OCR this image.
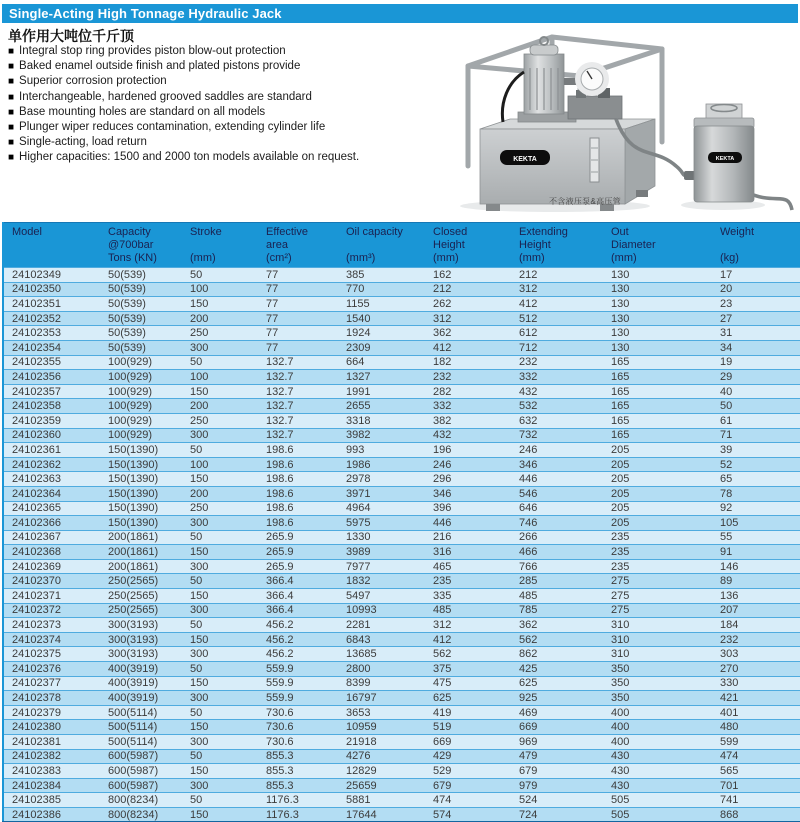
Single-Acting High Tonnage Hydraulic Jack
单作用大吨位千斤顶
■ Integral stop ring provides piston blow-out protection
■ Baked enamel outside finish and plated pistons provide
■ Superior corrosion protection
■ Interchangeable, hardened grooved saddles are standard
■ Base mounting holes are standard on all models
■ Plunger wiper reduces contamination, extending cylinder life
■ Single-acting, load return
■ Higher capacities: 1500 and 2000 ton models available on request.	KEKTA	KEKTA
不含液压泵&高压管
Model	Capacity
@700bar
Tons (KN)

Stroke
(mm)

Effective
area
(cm²)

Oil capacity
(mm³)

Closed
Height
(mm)

Extending
Height
(mm)

Out
Diameter
(mm)

Weight
(kg)

24102349	50(539)	50	77	385	162	212	130	17
24102350	50(539)	100	77	770	212	312	130	20
24102351	50(539)	150	77	1155	262	412	130	23
24102352	50(539)	200	77	1540	312	512	130	27
24102353	50(539)	250	77	1924	362	612	130	31
24102354	50(539)	300	77	2309	412	712	130	34
24102355	100(929)	50	132.7	664	182	232	165	19
24102356	100(929)	100	132.7	1327	232	332	165	29
24102357	100(929)	150	132.7	1991	282	432	165	40
24102358	100(929)	200	132.7	2655	332	532	165	50
24102359	100(929)	250	132.7	3318	382	632	165	61
24102360	100(929)	300	132.7	3982	432	732	165	71
24102361	150(1390)	50	198.6	993	196	246	205	39
24102362	150(1390)	100	198.6	1986	246	346	205	52
24102363	150(1390)	150	198.6	2978	296	446	205	65
24102364	150(1390)	200	198.6	3971	346	546	205	78
24102365	150(1390)	250	198.6	4964	396	646	205	92
24102366	150(1390)	300	198.6	5975	446	746	205	105
24102367	200(1861)	50	265.9	1330	216	266	235	55
24102368	200(1861)	150	265.9	3989	316	466	235	91
24102369	200(1861)	300	265.9	7977	465	766	235	146
24102370	250(2565)	50	366.4	1832	235	285	275	89
24102371	250(2565)	150	366.4	5497	335	485	275	136
24102372	250(2565)	300	366.4	10993	485	785	275	207
24102373	300(3193)	50	456.2	2281	312	362	310	184
24102374	300(3193)	150	456.2	6843	412	562	310	232
24102375	300(3193)	300	456.2	13685	562	862	310	303
24102376	400(3919)	50	559.9	2800	375	425	350	270
24102377	400(3919)	150	559.9	8399	475	625	350	330
24102378	400(3919)	300	559.9	16797	625	925	350	421
24102379	500(5114)	50	730.6	3653	419	469	400	401
24102380	500(5114)	150	730.6	10959	519	669	400	480
24102381	500(5114)	300	730.6	21918	669	969	400	599
24102382	600(5987)	50	855.3	4276	429	479	430	474
24102383	600(5987)	150	855.3	12829	529	679	430	565
24102384	600(5987)	300	855.3	25659	679	979	430	701
24102385	800(8234)	50	1176.3	5881	474	524	505	741
24102386	800(8234)	150	1176.3	17644	574	724	505	868
